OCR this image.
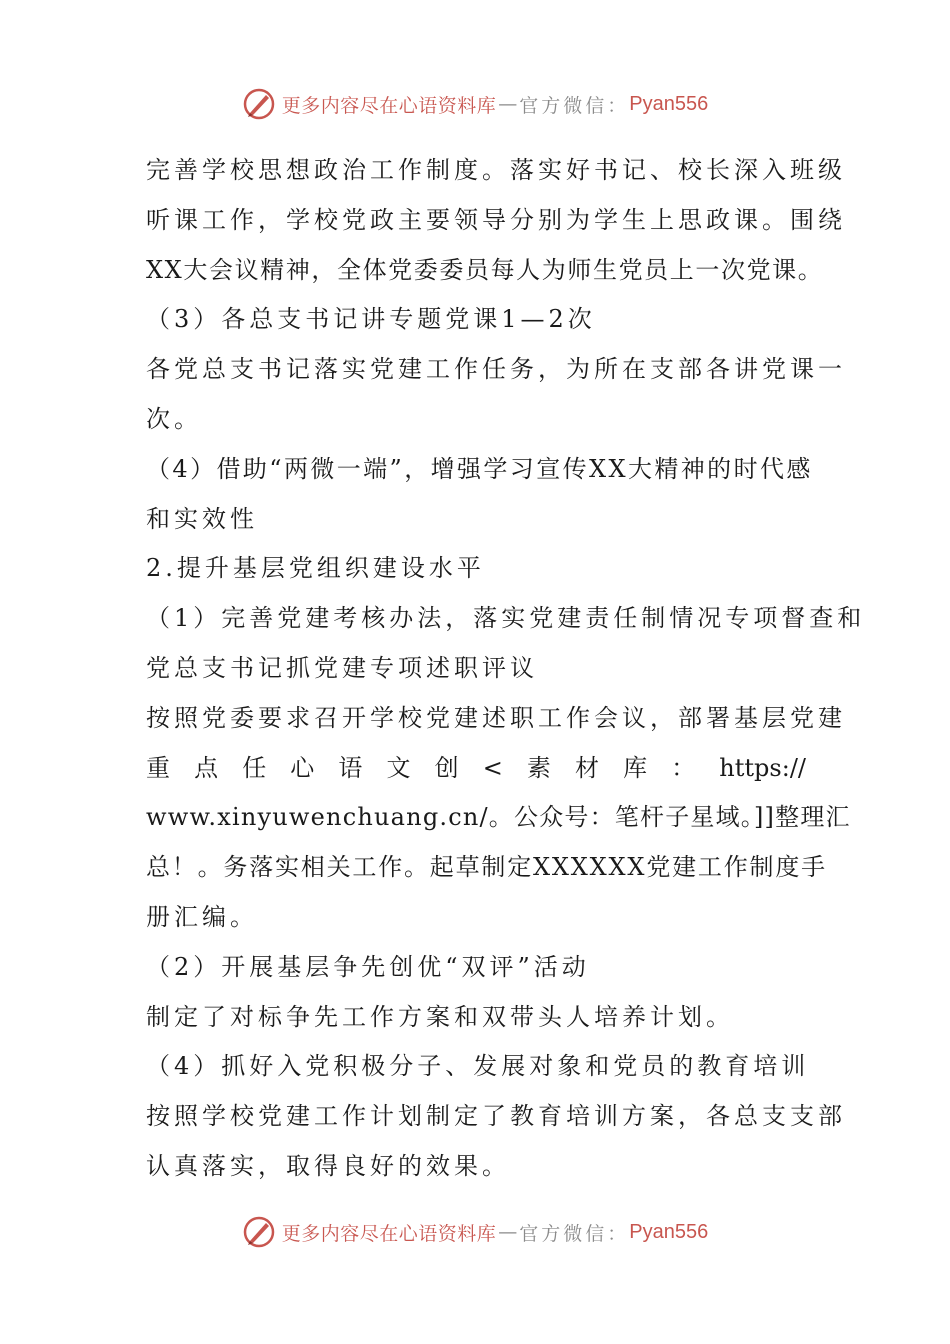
更多内容尽在心语资料库 — 官方微信： Pyan556
完善学校思想政治工作制度。落实好书记、校长深入班级
听课工作，学校党政主要领导分别为学生上思政课。围绕
XX大会议精神，全体党委委员每人为师生党员上一次党课。
（3）各总支书记讲专题党课1—2次
各党总支书记落实党建工作任务，为所在支部各讲党课一
次。
（4）借助“两微一端”，增强学习宣传XX大精神的时代感
和实效性
2.提升基层党组织建设水平
（1）完善党建考核办法，落实党建责任制情况专项督查和
党总支书记抓党建专项述职评议
按照党委要求召开学校党建述职工作会议，部署基层党建
重点任心语文创<素材库：https://
www.xinyuwenchuang.cn/。公众号：笔杆子星域。]]整理汇
总！。务落实相关工作。起草制定XXXXXX党建工作制度手
册汇编。
（2）开展基层争先创优“双评”活动
制定了对标争先工作方案和双带头人培养计划。
（4）抓好入党积极分子、发展对象和党员的教育培训
按照学校党建工作计划制定了教育培训方案，各总支支部
认真落实，取得良好的效果。
更多内容尽在心语资料库 — 官方微信： Pyan556
